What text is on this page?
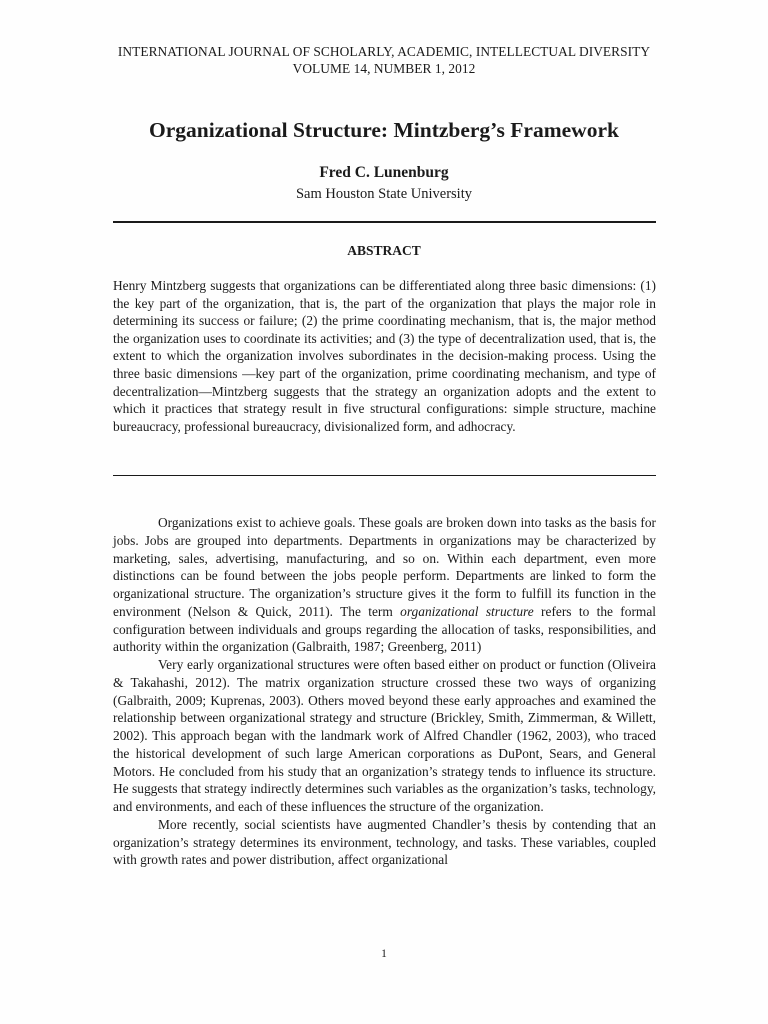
INTERNATIONAL JOURNAL OF SCHOLARLY, ACADEMIC, INTELLECTUAL DIVERSITY
VOLUME 14, NUMBER 1, 2012
Organizational Structure: Mintzberg’s Framework
Fred C. Lunenburg
Sam Houston State University
ABSTRACT
Henry Mintzberg suggests that organizations can be differentiated along three basic dimensions: (1) the key part of the organization, that is, the part of the organization that plays the major role in determining its success or failure; (2) the prime coordinating mechanism, that is, the major method the organization uses to coordinate its activities; and (3) the type of decentralization used, that is, the extent to which the organization involves subordinates in the decision-making process. Using the three basic dimensions —key part of the organization, prime coordinating mechanism, and type of decentralization—Mintzberg suggests that the strategy an organization adopts and the extent to which it practices that strategy result in five structural configurations: simple structure, machine bureaucracy, professional bureaucracy, divisionalized form, and adhocracy.

Organizations exist to achieve goals. These goals are broken down into tasks as the basis for jobs. Jobs are grouped into departments. Departments in organizations may be characterized by marketing, sales, advertising, manufacturing, and so on. Within each department, even more distinctions can be found between the jobs people perform. Departments are linked to form the organizational structure. The organization’s structure gives it the form to fulfill its function in the environment (Nelson & Quick, 2011). The term organizational structure refers to the formal configuration between individuals and groups regarding the allocation of tasks, responsibilities, and authority within the organization (Galbraith, 1987; Greenberg, 2011)

Very early organizational structures were often based either on product or function (Oliveira & Takahashi, 2012). The matrix organization structure crossed these two ways of organizing (Galbraith, 2009; Kuprenas, 2003). Others moved beyond these early approaches and examined the relationship between organizational strategy and structure (Brickley, Smith, Zimmerman, & Willett, 2002). This approach began with the landmark work of Alfred Chandler (1962, 2003), who traced the historical development of such large American corporations as DuPont, Sears, and General Motors. He concluded from his study that an organization’s strategy tends to influence its structure. He suggests that strategy indirectly determines such variables as the organization’s tasks, technology, and environments, and each of these influences the structure of the organization.

More recently, social scientists have augmented Chandler’s thesis by contending that an organization’s strategy determines its environment, technology, and tasks. These variables, coupled with growth rates and power distribution, affect organizational

1
